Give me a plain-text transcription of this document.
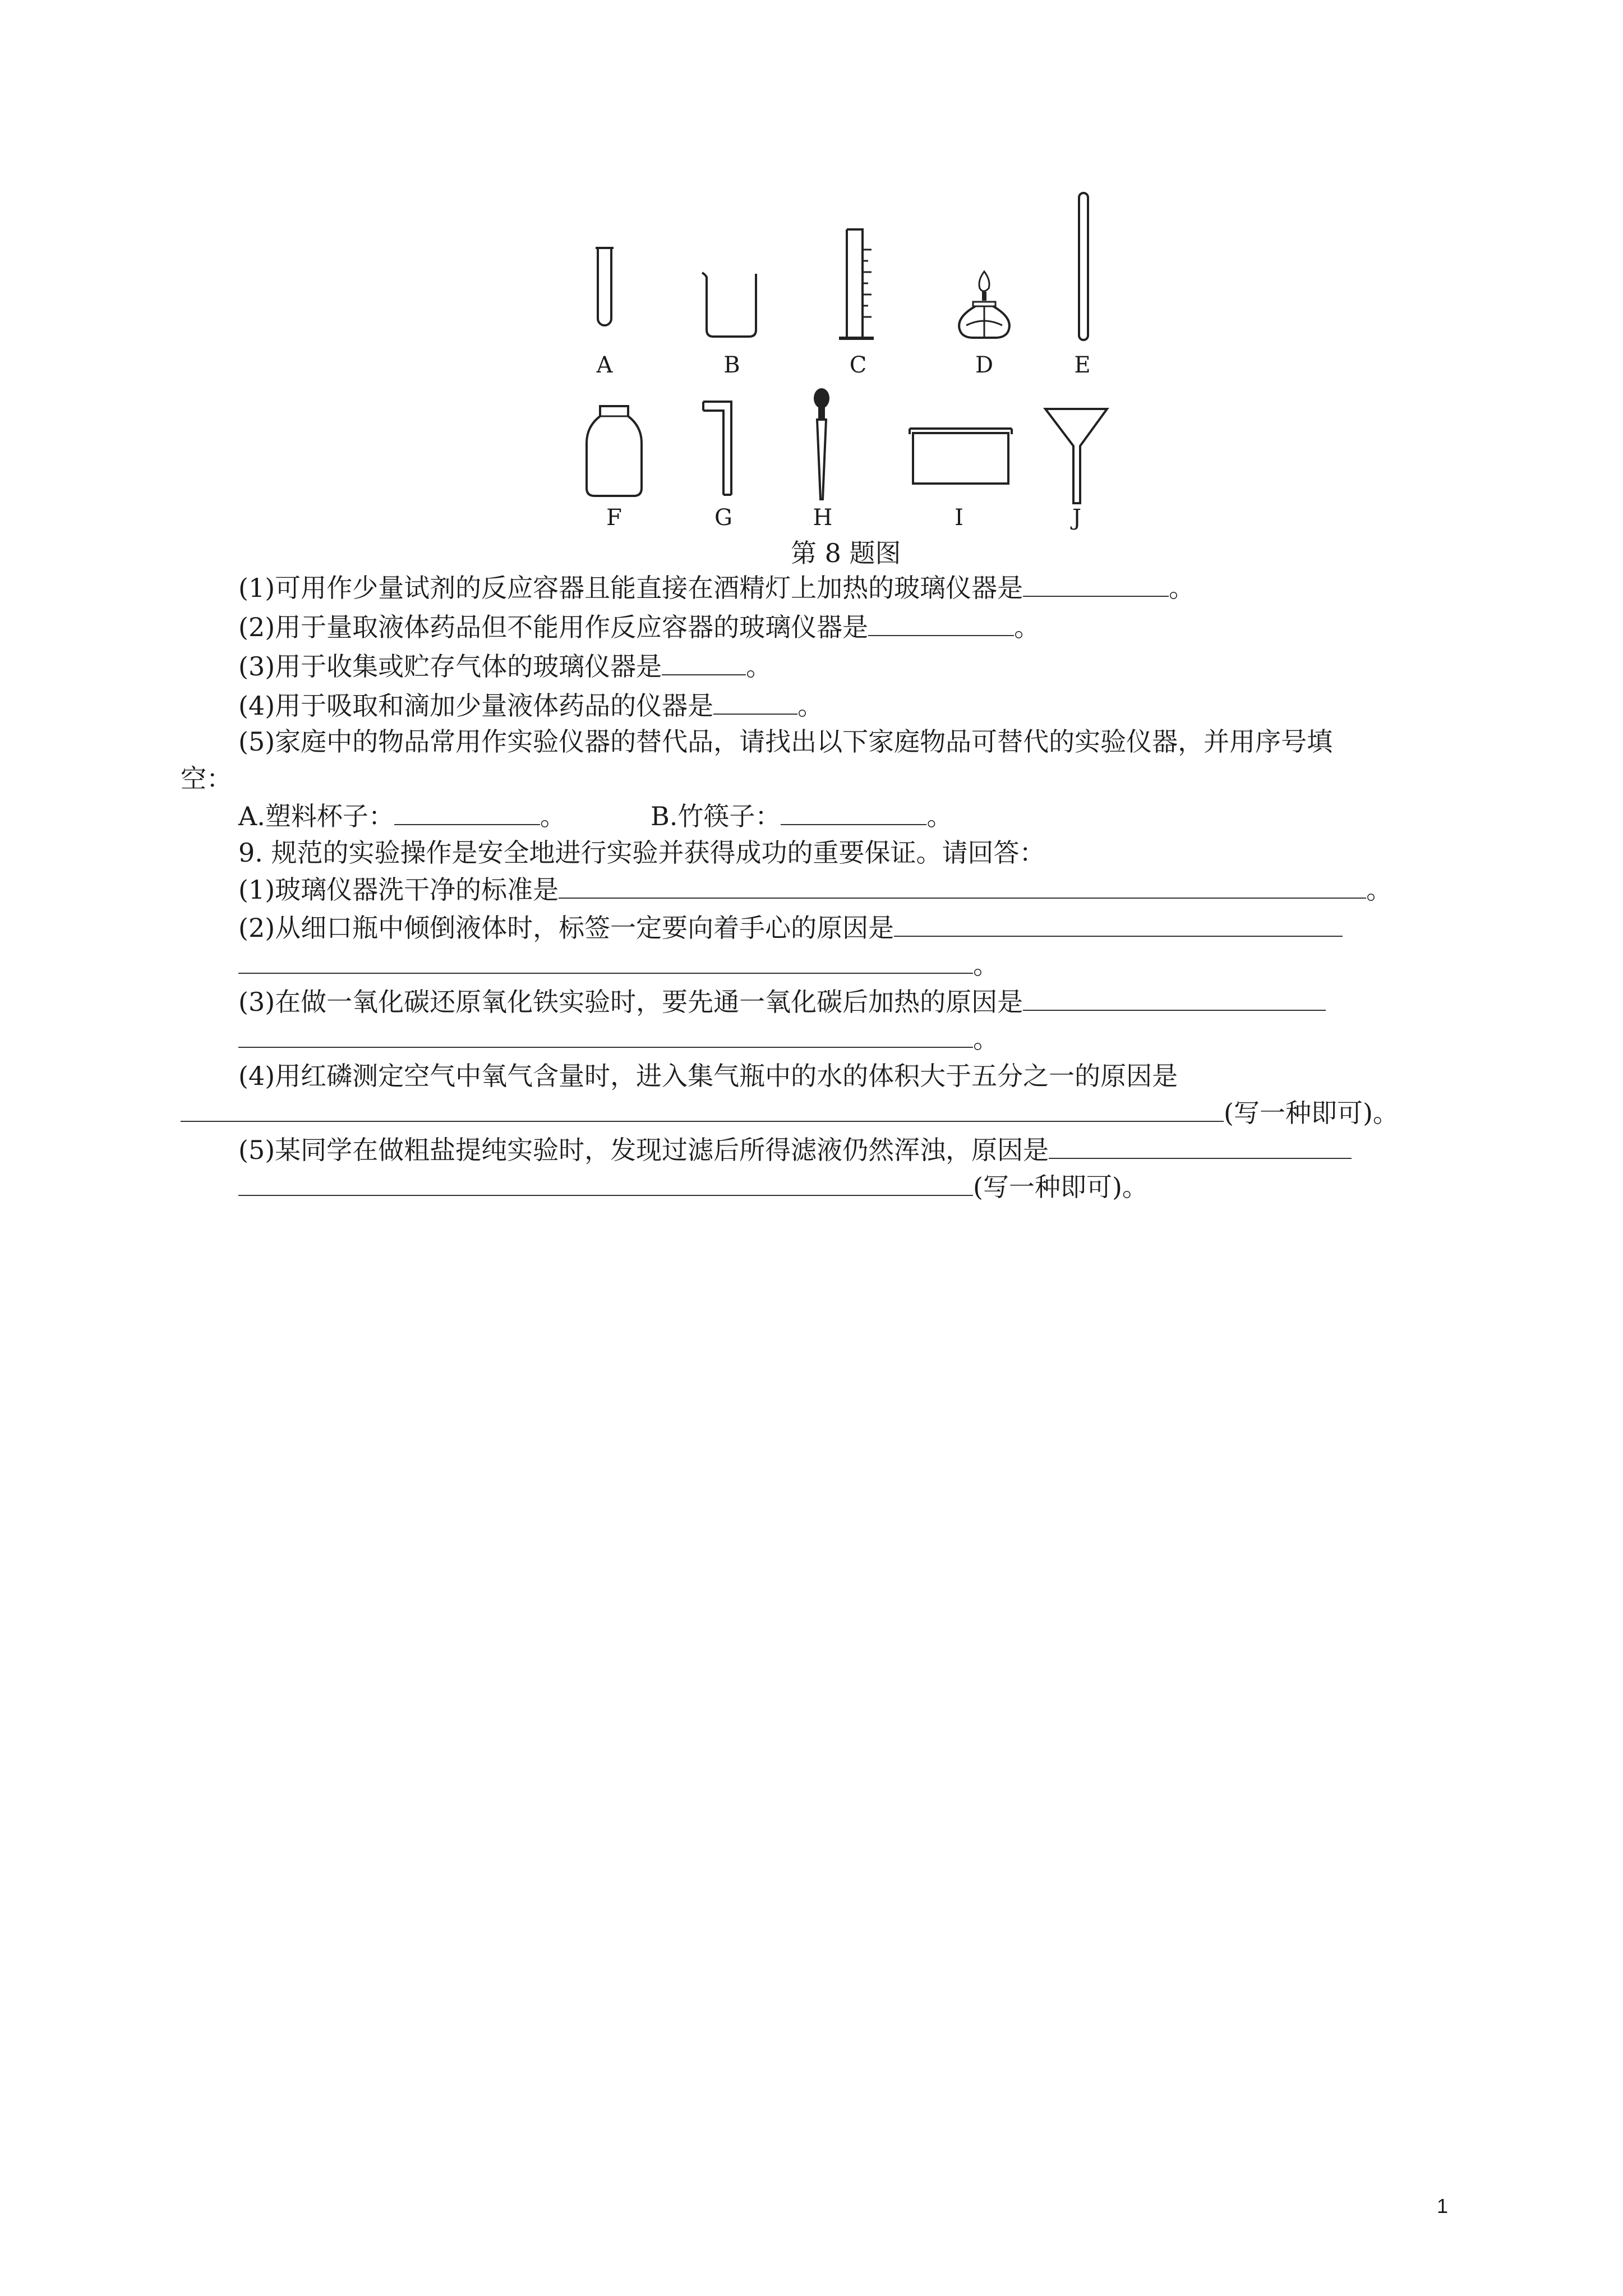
A	B	C	D	E
F	G	H	I	J
第 8 题图
(1)可用作少量试剂的反应容器且能直接在酒精灯上加热的玻璃仪器是	。
(2)用于量取液体药品但不能用作反应容器的玻璃仪器是	。
(3)用于收集或贮存气体的玻璃仪器是	。
(4)用于吸取和滴加少量液体药品的仪器是	。
(5)家庭中的物品常用作实验仪器的替代品，请找出以下家庭物品可替代的实验仪器，并用序号填
空：
A.塑料杯子：	。	B.竹筷子：	。
9. 规范的实验操作是安全地进行实验并获得成功的重要保证。请回答：
(1)玻璃仪器洗干净的标准是	。
(2)从细口瓶中倾倒液体时，标签一定要向着手心的原因是
。
(3)在做一氧化碳还原氧化铁实验时，要先通一氧化碳后加热的原因是
。
(4)用红磷测定空气中氧气含量时，进入集气瓶中的水的体积大于五分之一的原因是
(写一种即可)。
(5)某同学在做粗盐提纯实验时，发现过滤后所得滤液仍然浑浊，原因是
(写一种即可)。
1
